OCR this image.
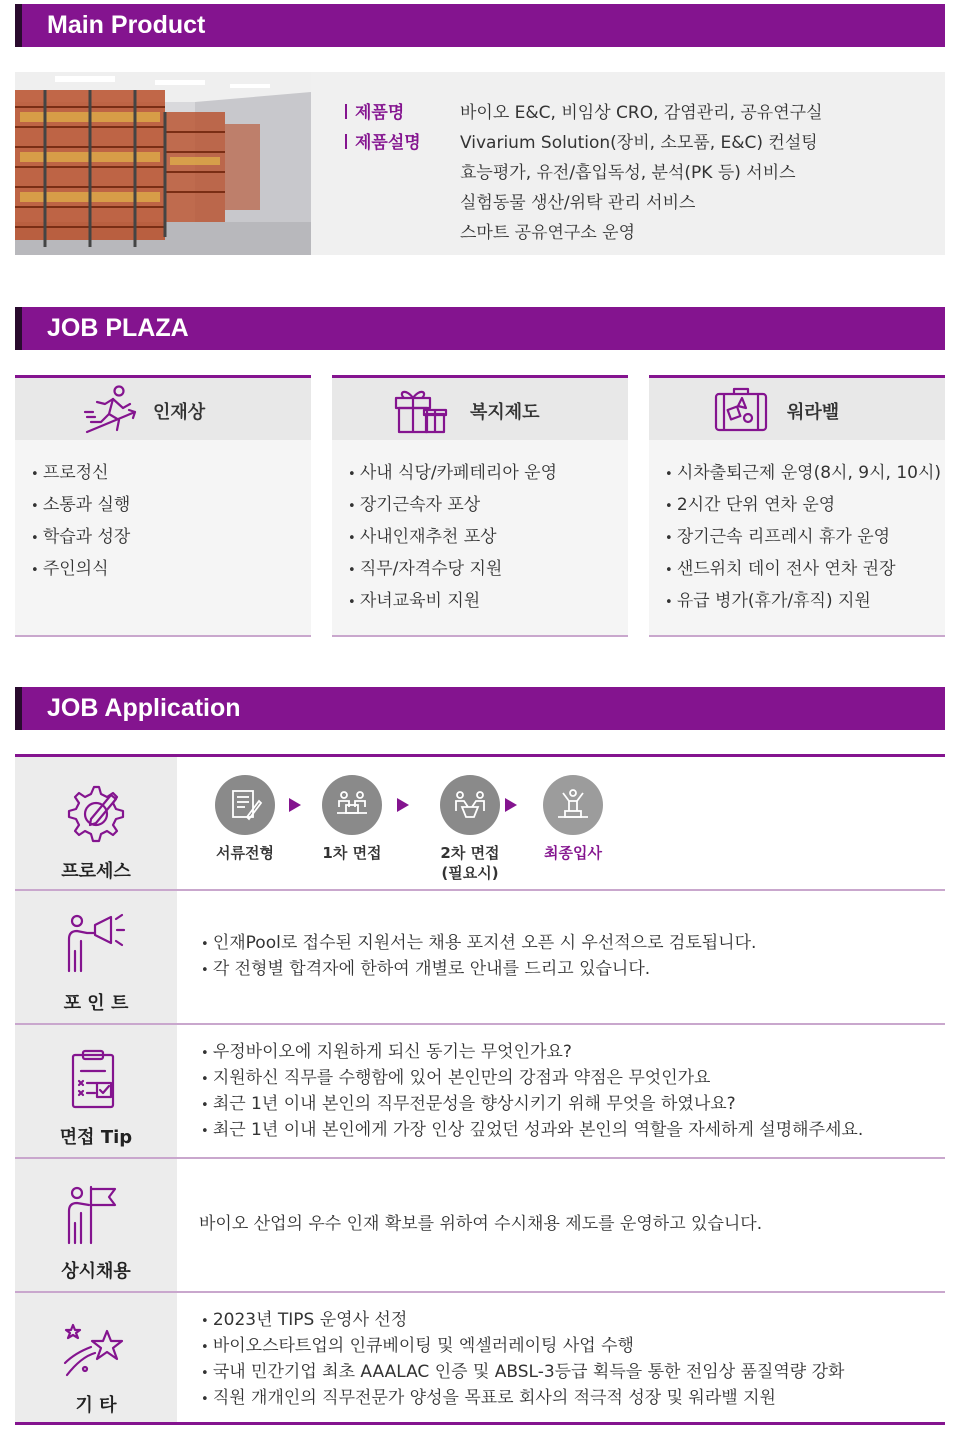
Main Product
제품명	바이오 E&C, 비임상 CRO, 감염관리, 공유연구실
제품설명	Vivarium Solution(장비, 소모품, E&C) 컨설팅
효능평가, 유전/흡입독성, 분석(PK 등) 서비스
실험동물 생산/위탁 관리 서비스
스마트 공유연구소 운영
JOB PLAZA
인재상
• 프로정신
• 소통과 실행
• 학습과 성장
• 주인의식
복지제도
• 사내 식당/카페테리아 운영
• 장기근속자 포상
• 사내인재추천 포상
• 직무/자격수당 지원
• 자녀교육비 지원
워라밸
• 시차출퇴근제 운영(8시, 9시, 10시)
• 2시간 단위 연차 운영
• 장기근속 리프레시 휴가 운영
• 샌드위치 데이 전사 연차 권장
• 유급 병가(휴가/휴직) 지원
JOB Application
프로세스
서류전형	1차 면접	2차 면접
(필요시)
최종입사
포 인 트
• 인재Pool로 접수된 지원서는 채용 포지션 오픈 시 우선적으로 검토됩니다.
• 각 전형별 합격자에 한하여 개별로 안내를 드리고 있습니다.
면접 Tip
• 우정바이오에 지원하게 되신 동기는 무엇인가요?
• 지원하신 직무를 수행함에 있어 본인만의 강점과 약점은 무엇인가요
• 최근 1년 이내 본인의 직무전문성을 향상시키기 위해 무엇을 하였나요?
• 최근 1년 이내 본인에게 가장 인상 깊었던 성과와 본인의 역할을 자세하게 설명해주세요.
상시채용
바이오 산업의 우수 인재 확보를 위하여 수시채용 제도를 운영하고 있습니다.
기 타
• 2023년 TIPS 운영사 선정
• 바이오스타트업의 인큐베이팅 및 엑셀러레이팅 사업 수행
• 국내 민간기업 최초 AAALAC 인증 및 ABSL-3등급 획득을 통한 전임상 품질역량 강화
• 직원 개개인의 직무전문가 양성을 목표로 회사의 적극적 성장 및 워라밸 지원
